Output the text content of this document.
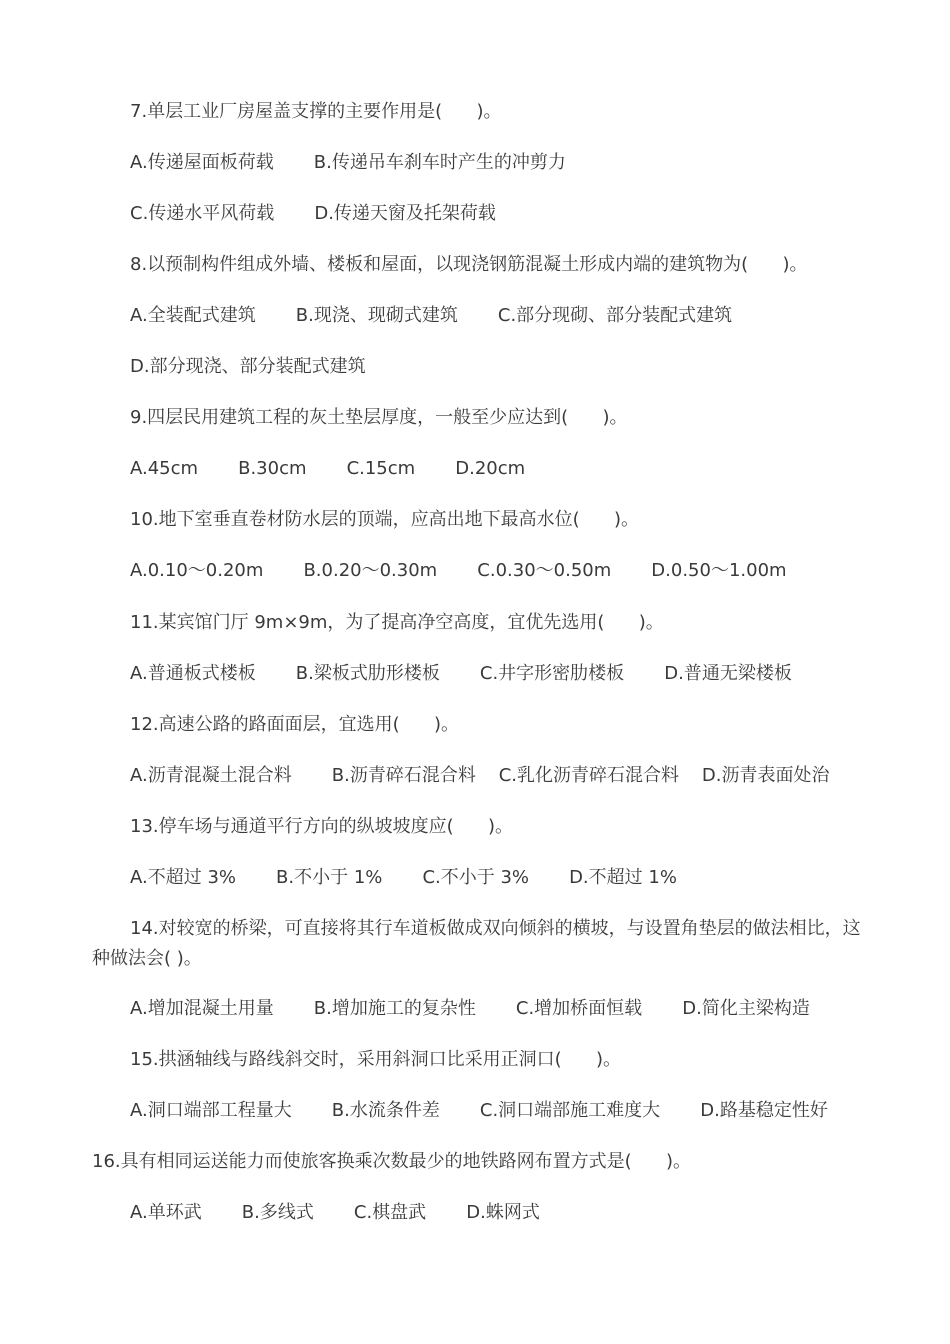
7.单层工业厂房屋盖支撑的主要作用是(      )。
A.传递屋面板荷载       B.传递吊车刹车时产生的冲剪力
C.传递水平风荷载       D.传递天窗及托架荷载
8.以预制构件组成外墙、楼板和屋面，以现浇钢筋混凝土形成内端的建筑物为(      )。
A.全装配式建筑       B.现浇、现砌式建筑       C.部分现砌、部分装配式建筑
D.部分现浇、部分装配式建筑
9.四层民用建筑工程的灰土垫层厚度，一般至少应达到(      )。
A.45cm       B.30cm       C.15cm       D.20cm
10.地下室垂直卷材防水层的顶端，应高出地下最高水位(      )。
A.0.10～0.20m       B.0.20～0.30m       C.0.30～0.50m       D.0.50～1.00m
11.某宾馆门厅 9m×9m，为了提高净空高度，宜优先选用(      )。
A.普通板式楼板       B.梁板式肋形楼板       C.井字形密肋楼板       D.普通无梁楼板
12.高速公路的路面面层，宜选用(      )。
A.沥青混凝土混合料       B.沥青碎石混合料    C.乳化沥青碎石混合料    D.沥青表面处治
13.停车场与通道平行方向的纵坡坡度应(      )。
A.不超过 3%       B.不小于 1%       C.不小于 3%       D.不超过 1%
14.对较宽的桥梁，可直接将其行车道板做成双向倾斜的横坡，与设置角垫层的做法相比，这种做法会( )。
A.增加混凝土用量       B.增加施工的复杂性       C.增加桥面恒载       D.简化主梁构造
15.拱涵轴线与路线斜交时，采用斜洞口比采用正洞口(      )。
A.洞口端部工程量大       B.水流条件差       C.洞口端部施工难度大       D.路基稳定性好
16.具有相同运送能力而使旅客换乘次数最少的地铁路网布置方式是(      )。
A.单环武       B.多线式       C.棋盘武       D.蛛网式
